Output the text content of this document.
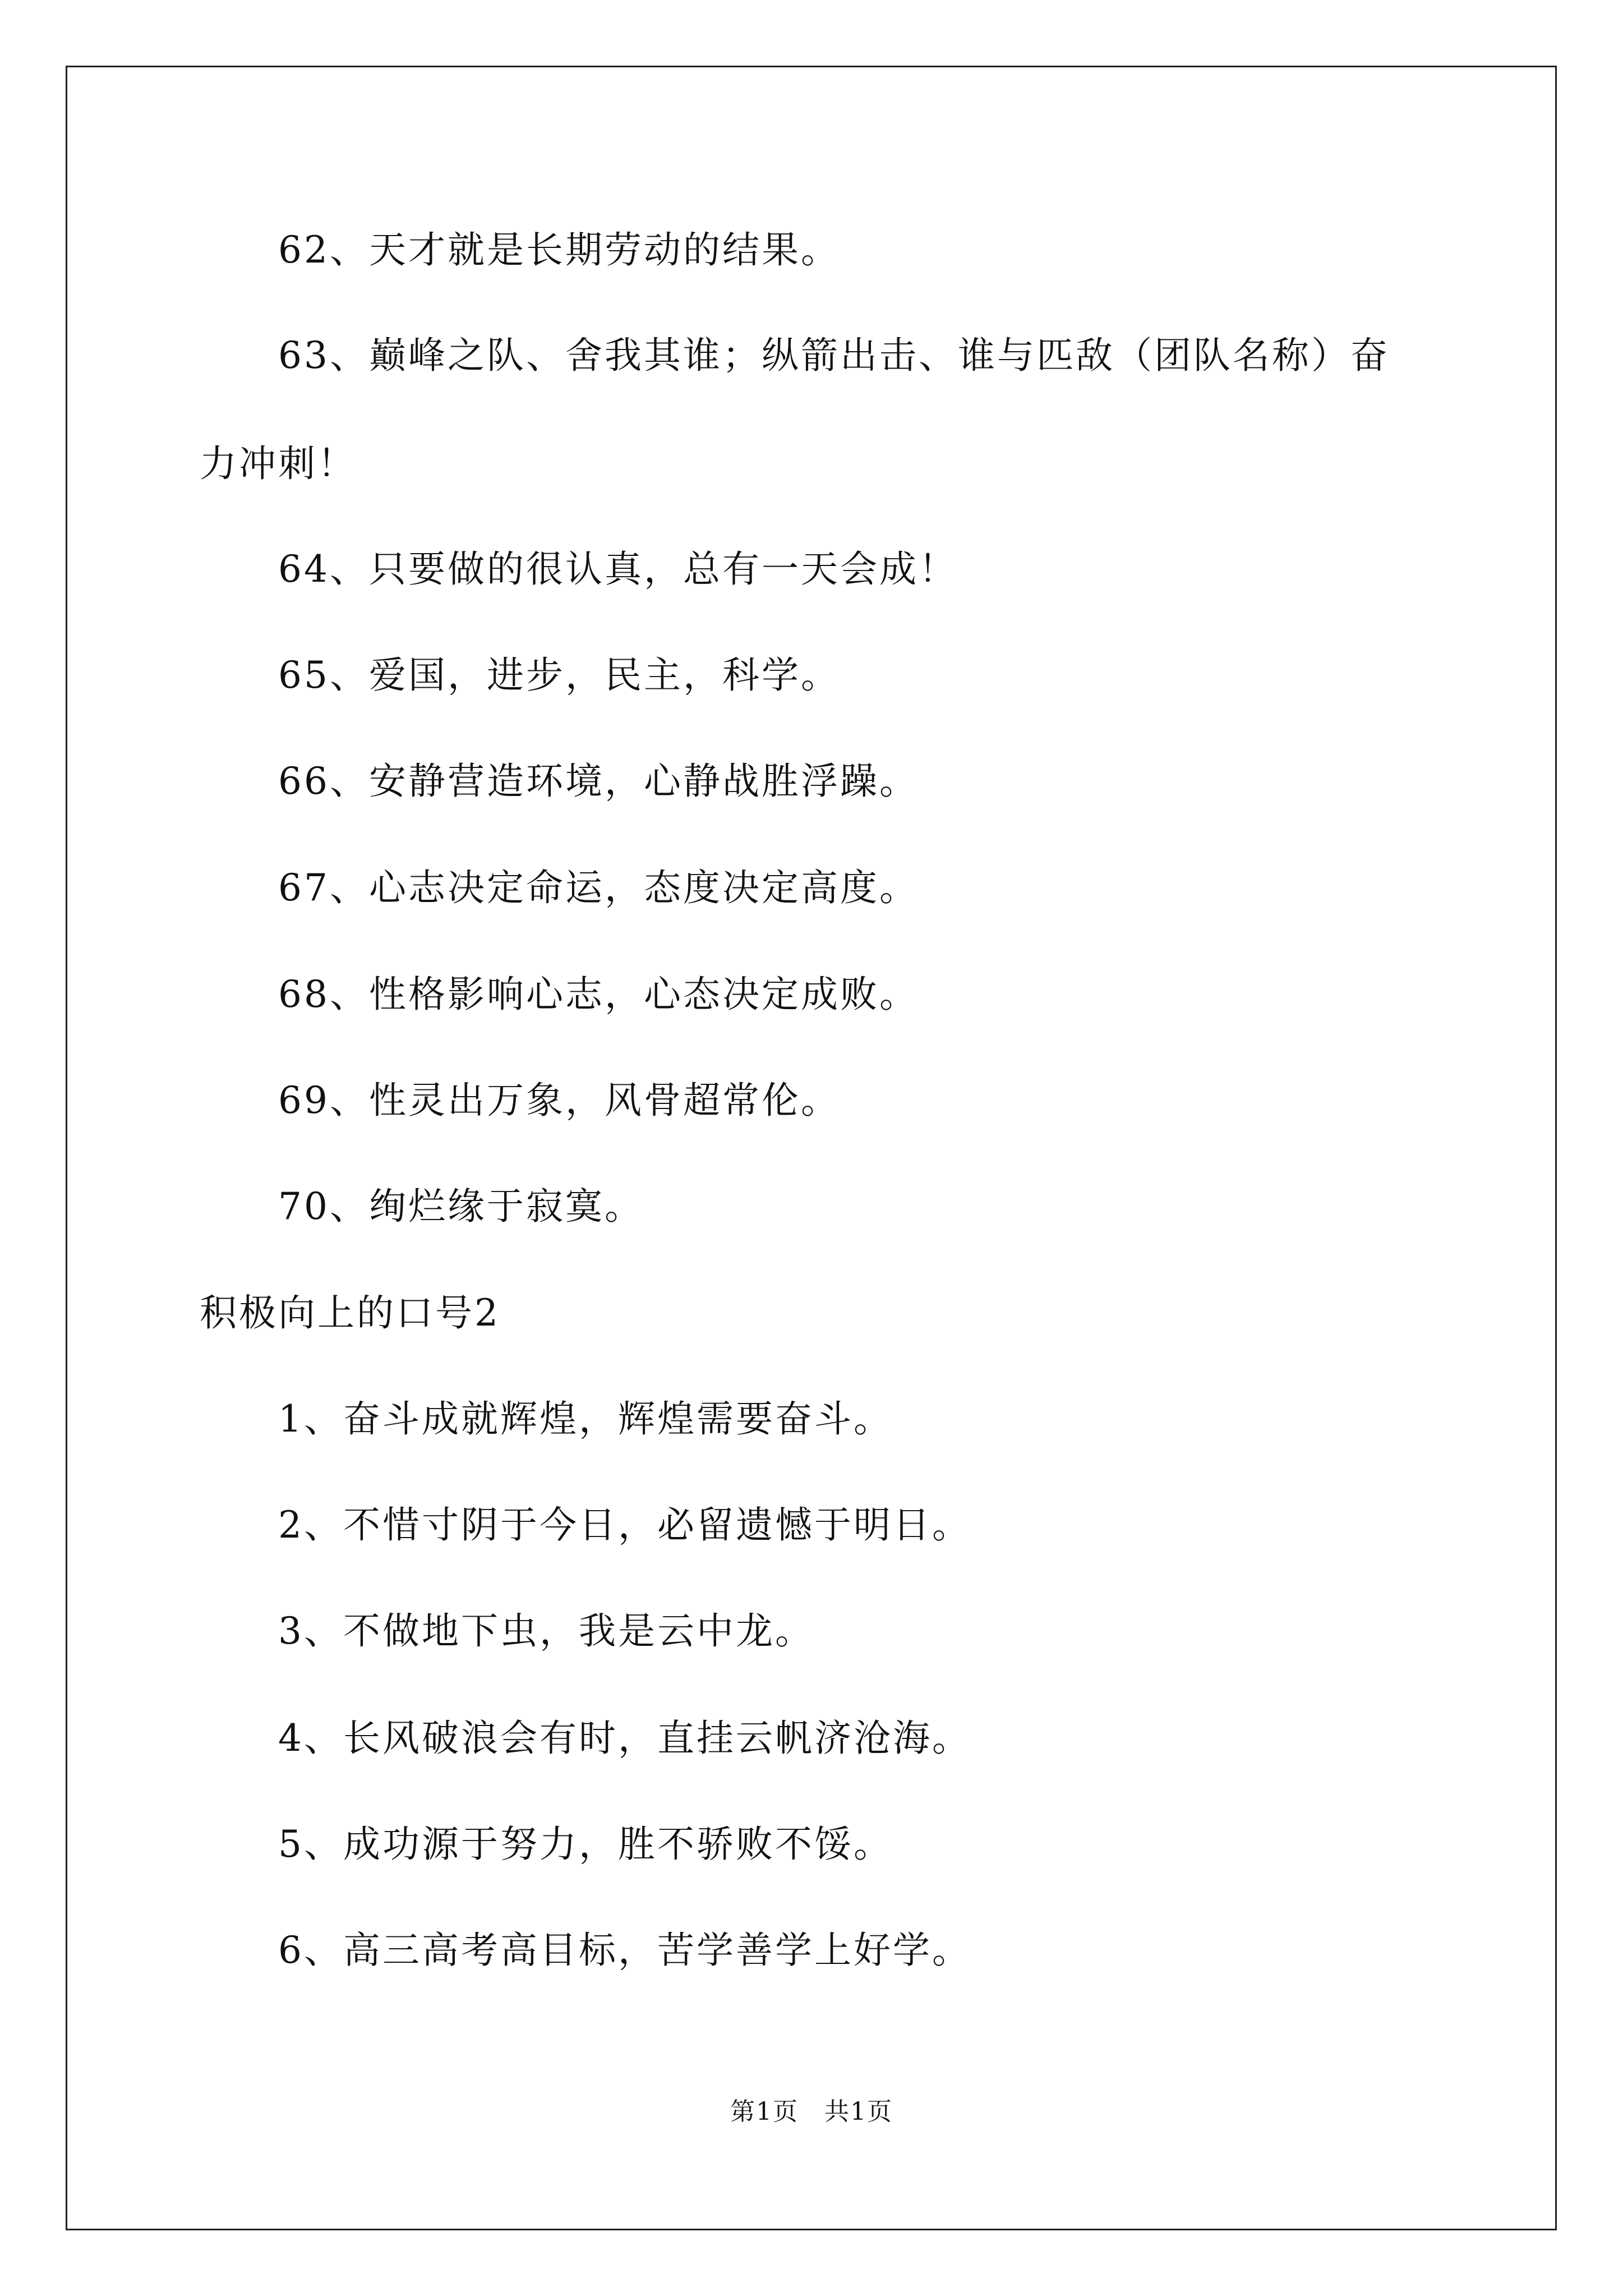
62、天才就是长期劳动的结果。
63、巅峰之队、舍我其谁；纵箭出击、谁与匹敌（团队名称）奋
力冲刺！
64、只要做的很认真，总有一天会成！
65、爱国，进步，民主，科学。
66、安静营造环境，心静战胜浮躁。
67、心志决定命运，态度决定高度。
68、性格影响心志，心态决定成败。
69、性灵出万象，风骨超常伦。
70、绚烂缘于寂寞。
积极向上的口号2
1、奋斗成就辉煌，辉煌需要奋斗。
2、不惜寸阴于今日，必留遗憾于明日。
3、不做地下虫，我是云中龙。
4、长风破浪会有时，直挂云帆济沧海。
5、成功源于努力，胜不骄败不馁。
6、高三高考高目标，苦学善学上好学。
第1页 共1页
